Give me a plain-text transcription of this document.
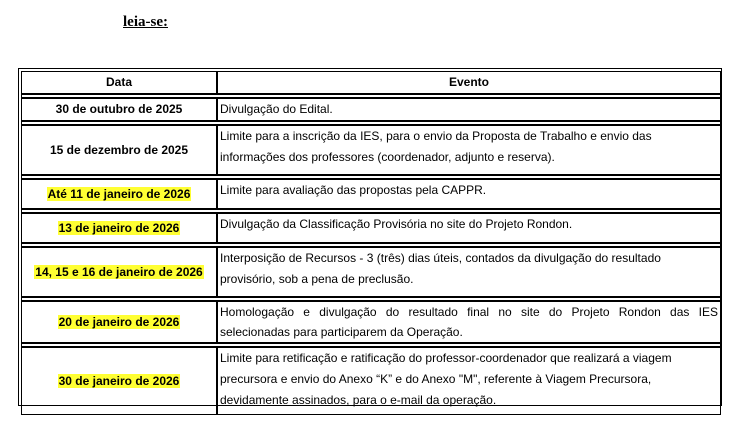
leia-se:
Data	Evento

30 de outubro de 2025	Divulgação do Edital.

15 de dezembro de 2025	Limite para a inscrição da IES, para o envio da Proposta de Trabalho e envio das informações dos professores (coordenador, adjunto e reserva).

Até 11 de janeiro de 2026	Limite para avaliação das propostas pela CAPPR.

13 de janeiro de 2026	Divulgação da Classificação Provisória no site do Projeto Rondon.

14, 15 e 16 de janeiro de 2026	Interposição de Recursos - 3 (três) dias úteis, contados da divulgação do resultado provisório, sob a pena de preclusão.

20 de janeiro de 2026	Homologação e divulgação do resultado final no site do Projeto Rondon das IES selecionadas para participarem da Operação.

30 de janeiro de 2026	Limite para retificação e ratificação do professor-coordenador que realizará a viagem precursora e envio do Anexo “K” e do Anexo "M", referente à Viagem Precursora, devidamente assinados, para o e-mail da operação.
